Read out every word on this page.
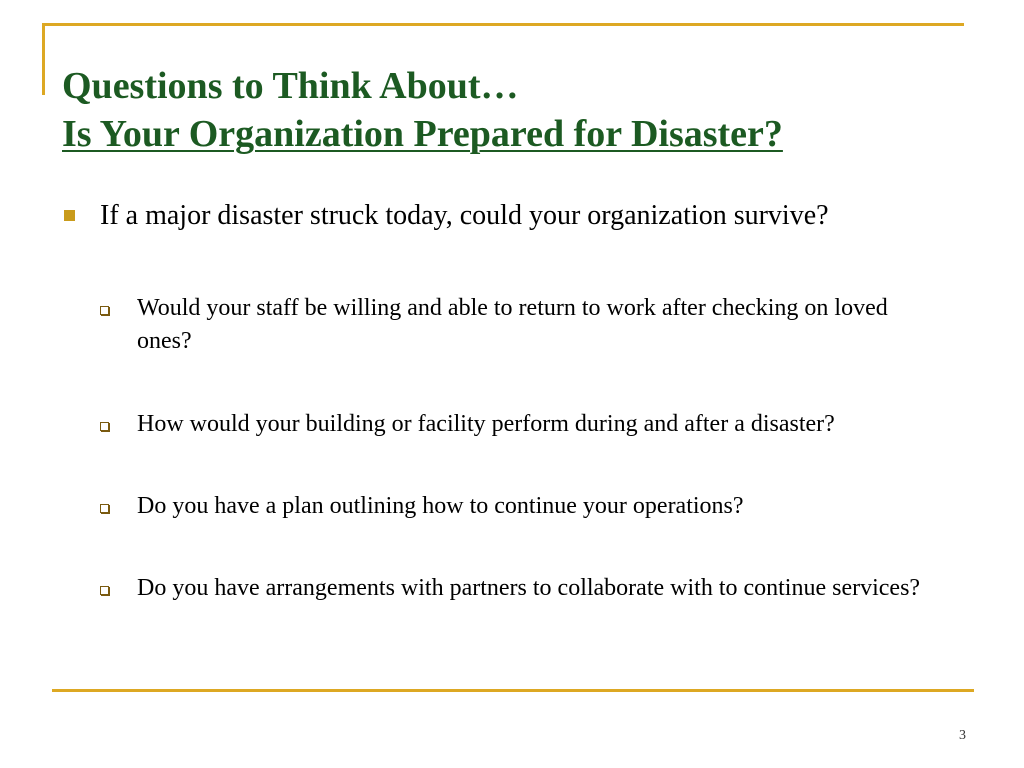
Questions to Think About…
Is Your Organization Prepared for Disaster?
If a major disaster struck today, could your organization survive?
Would your staff be willing and able to return to work after checking on loved ones?
How would your building or facility perform during and after a disaster?
Do you have a plan outlining how to continue your operations?
Do you have arrangements with partners to collaborate with to continue services?
3
